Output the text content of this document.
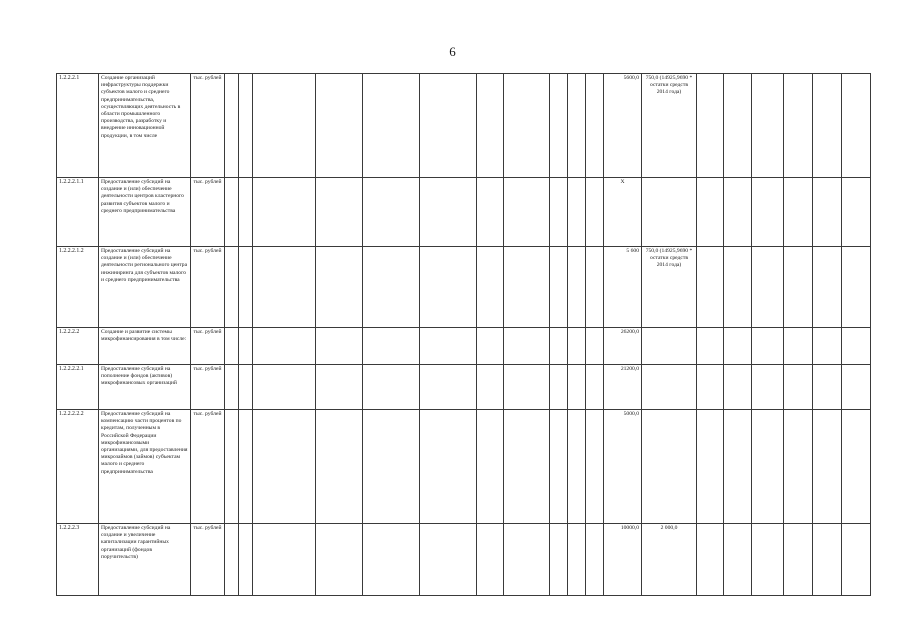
6
1.2.2.2.1	Создание организаций инфраструктуры поддержки субъектов малого и среднего предпринимательства, осуществляющих деятельность в области промышленного производства, разработку и внедрение инновационной продукции, в том числе	тыс. рублей												5600,0	750,0 (14925,9690 * остатки средств 2014 года)						
1.2.2.2.1.1	Предоставление субсидий на создание и (или) обеспечение деятельности центров кластерного развития субъектов малого и среднего предпринимательства	тыс. рублей												X							
1.2.2.2.1.2	Предоставление субсидий на создание и (или) обеспечение деятельности регионального центра инжиниринга для субъектов малого и среднего предпринимательства	тыс. рублей												5 600	750,0 (14925,9690 * остатки средств 2014 года)						
1.2.2.2.2	Создание и развитие системы микрофинансирования в том числе:	тыс. рублей												26200,0							
1.2.2.2.2.1	Предоставление субсидий на пополнение фондов (активов) микрофинансовых организаций	тыс. рублей												21200,0							
1.2.2.2.2.2	Предоставление субсидий на компенсацию части процентов по кредитам, полученным в Российской Федерации микрофинансовыми организациями, для предоставления микрозаймов (займов) субъектам малого и среднего предпринимательства	тыс. рублей												5000,0							
1.2.2.2.3	Предоставление субсидий на создание и увеличение капитализации гарантийных организаций (фондов поручительств)	тыс. рублей												10000,0	2 000,0						
